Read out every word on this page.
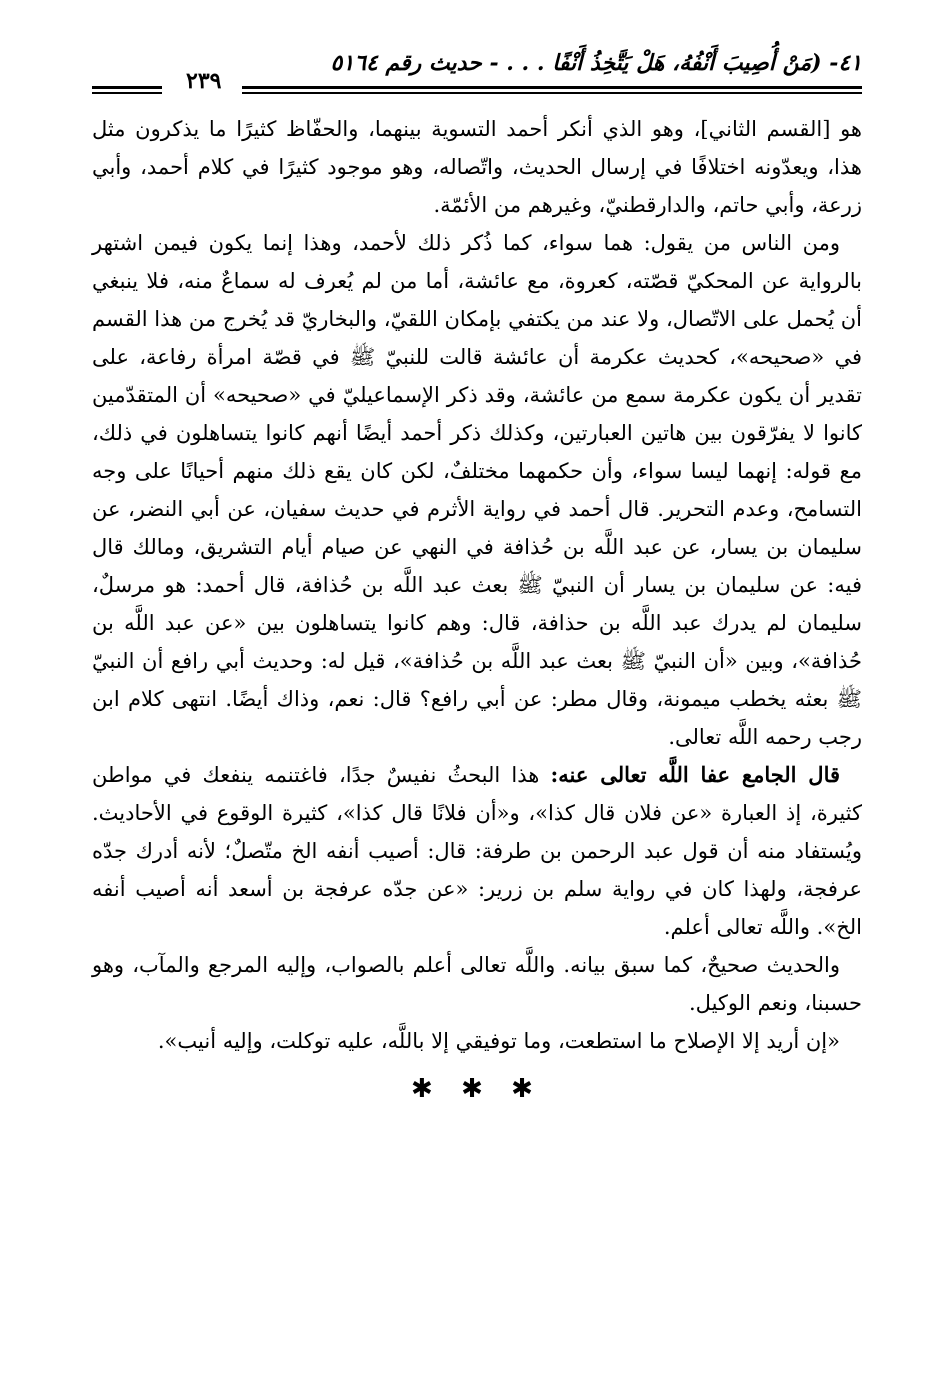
٤١- (مَنْ أُصِيبَ أَنْفُهُ، هَلْ يَتَّخِذُ أَنْفًا . . . - حديث رقم ٥١٦٤
٢٣٩

هو [القسم الثاني]، وهو الذي أنكر أحمد التسوية بينهما، والحفّاظ كثيرًا ما يذكرون مثل هذا، ويعدّونه اختلافًا في إرسال الحديث، واتّصاله، وهو موجود كثيرًا في كلام أحمد، وأبي زرعة، وأبي حاتم، والدارقطنيّ، وغيرهم من الأئمّة.

ومن الناس من يقول: هما سواء، كما ذُكر ذلك لأحمد، وهذا إنما يكون فيمن اشتهر بالرواية عن المحكيّ قصّته، كعروة، مع عائشة، أما من لم يُعرف له سماعٌ منه، فلا ينبغي أن يُحمل على الاتّصال، ولا عند من يكتفي بإمكان اللقيّ، والبخاريّ قد يُخرج من هذا القسم في «صحيحه»، كحديث عكرمة أن عائشة قالت للنبيّ ﷺ في قصّة امرأة رفاعة، على تقدير أن يكون عكرمة سمع من عائشة، وقد ذكر الإسماعيليّ في «صحيحه» أن المتقدّمين كانوا لا يفرّقون بين هاتين العبارتين، وكذلك ذكر أحمد أيضًا أنهم كانوا يتساهلون في ذلك، مع قوله: إنهما ليسا سواء، وأن حكمهما مختلفٌ، لكن كان يقع ذلك منهم أحيانًا على وجه التسامح، وعدم التحرير. قال أحمد في رواية الأثرم في حديث سفيان، عن أبي النضر، عن سليمان بن يسار، عن عبد اللَّه بن حُذافة في النهي عن صيام أيام التشريق، ومالك قال فيه: عن سليمان بن يسار أن النبيّ ﷺ بعث عبد اللَّه بن حُذافة، قال أحمد: هو مرسلٌ، سليمان لم يدرك عبد اللَّه بن حذافة، قال: وهم كانوا يتساهلون بين «عن عبد اللَّه بن حُذافة»، وبين «أن النبيّ ﷺ بعث عبد اللَّه بن حُذافة»، قيل له: وحديث أبي رافع أن النبيّ ﷺ بعثه يخطب ميمونة، وقال مطر: عن أبي رافع؟ قال: نعم، وذاك أيضًا. انتهى كلام ابن رجب رحمه اللَّه تعالى.

قال الجامع عفا اللَّه تعالى عنه: هذا البحثُ نفيسٌ جدًا، فاغتنمه ينفعك في مواطن كثيرة، إذ العبارة «عن فلان قال كذا»، و«أن فلانًا قال كذا»، كثيرة الوقوع في الأحاديث. ويُستفاد منه أن قول عبد الرحمن بن طرفة: قال: أصيب أنفه الخ متّصلٌ؛ لأنه أدرك جدّه عرفجة، ولهذا كان في رواية سلم بن زرير: «عن جدّه عرفجة بن أسعد أنه أصيب أنفه الخ». واللَّه تعالى أعلم.

والحديث صحيحٌ، كما سبق بيانه. واللَّه تعالى أعلم بالصواب، وإليه المرجع والمآب، وهو حسبنا، ونعم الوكيل.

«إن أريد إلا الإصلاح ما استطعت، وما توفيقي إلا باللَّه، عليه توكلت، وإليه أنيب».

✱ ✱ ✱
